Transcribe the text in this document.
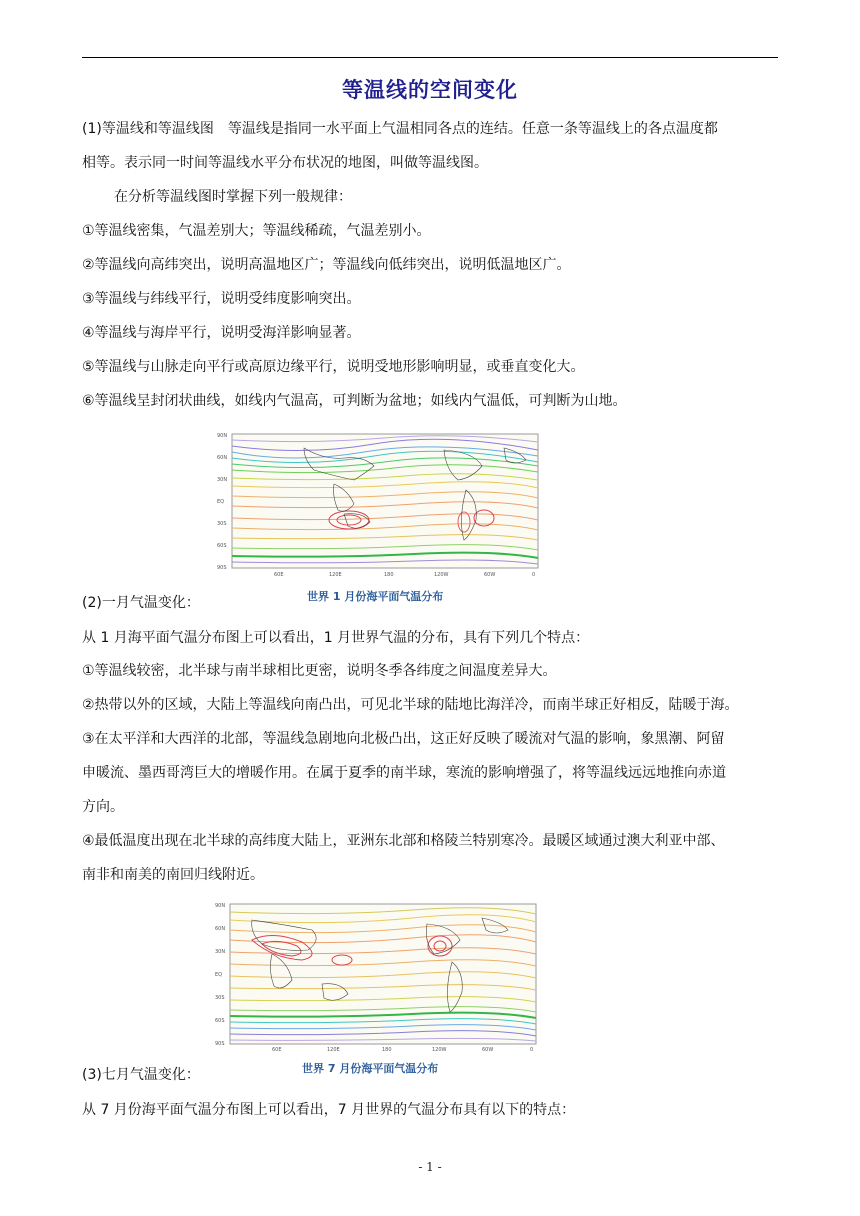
等温线的空间变化
(1)等温线和等温线图　等温线是指同一水平面上气温相同各点的连结。任意一条等温线上的各点温度都
相等。表示同一时间等温线水平分布状况的地图，叫做等温线图。
在分析等温线图时掌握下列一般规律：
①等温线密集，气温差别大；等温线稀疏，气温差别小。
②等温线向高纬突出，说明高温地区广；等温线向低纬突出，说明低温地区广。
③等温线与纬线平行，说明受纬度影响突出。
④等温线与海岸平行，说明受海洋影响显著。
⑤等温线与山脉走向平行或高原边缘平行，说明受地形影响明显，或垂直变化大。
⑥等温线呈封闭状曲线，如线内气温高，可判断为盆地；如线内气温低，可判断为山地。
90N
60N
30N
EQ
30S
60S
90S
60E	120E	180	120W	60W	0
世界 1 月份海平面气温分布
(2)一月气温变化：
从 1 月海平面气温分布图上可以看出，1 月世界气温的分布，具有下列几个特点：
①等温线较密，北半球与南半球相比更密，说明冬季各纬度之间温度差异大。
②热带以外的区域，大陆上等温线向南凸出，可见北半球的陆地比海洋冷，而南半球正好相反，陆暖于海。
③在太平洋和大西洋的北部，等温线急剧地向北极凸出，这正好反映了暖流对气温的影响，象黑潮、阿留
申暖流、墨西哥湾巨大的增暖作用。在属于夏季的南半球，寒流的影响增强了，将等温线远远地推向赤道
方向。
④最低温度出现在北半球的高纬度大陆上，亚洲东北部和格陵兰特别寒冷。最暖区域通过澳大利亚中部、
南非和南美的南回归线附近。
90N
60N
30N
EQ
30S
60S
90S
60E	120E	180	120W	60W	0
世界 7 月份海平面气温分布
(3)七月气温变化：
从 7 月份海平面气温分布图上可以看出，7 月世界的气温分布具有以下的特点：
- 1 -
